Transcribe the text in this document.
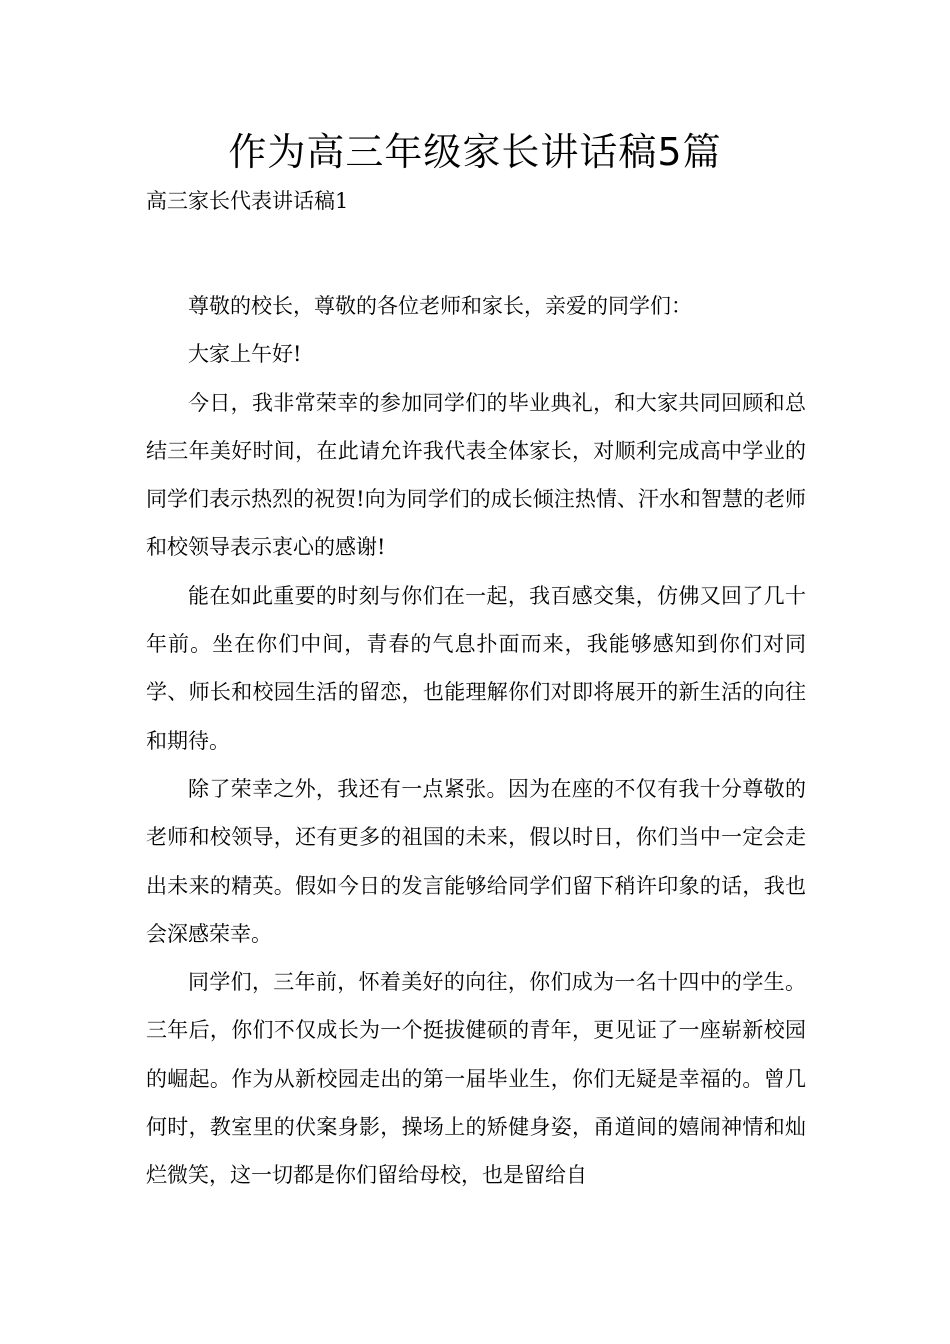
作为高三年级家长讲话稿5篇
高三家长代表讲话稿1

尊敬的校长，尊敬的各位老师和家长，亲爱的同学们：

大家上午好!

今日，我非常荣幸的参加同学们的毕业典礼，和大家共同回顾和总结三年美好时间，在此请允许我代表全体家长，对顺利完成高中学业的同学们表示热烈的祝贺!向为同学们的成长倾注热情、汗水和智慧的老师和校领导表示衷心的感谢!

能在如此重要的时刻与你们在一起，我百感交集，仿佛又回了几十年前。坐在你们中间，青春的气息扑面而来，我能够感知到你们对同学、师长和校园生活的留恋，也能理解你们对即将展开的新生活的向往和期待。

除了荣幸之外，我还有一点紧张。因为在座的不仅有我十分尊敬的老师和校领导，还有更多的祖国的未来，假以时日，你们当中一定会走出未来的精英。假如今日的发言能够给同学们留下稍许印象的话，我也会深感荣幸。

同学们，三年前，怀着美好的向往，你们成为一名十四中的学生。三年后，你们不仅成长为一个挺拔健硕的青年，更见证了一座崭新校园的崛起。作为从新校园走出的第一届毕业生，你们无疑是幸福的。曾几何时，教室里的伏案身影，操场上的矫健身姿，甬道间的嬉闹神情和灿烂微笑，这一切都是你们留给母校，也是留给自
